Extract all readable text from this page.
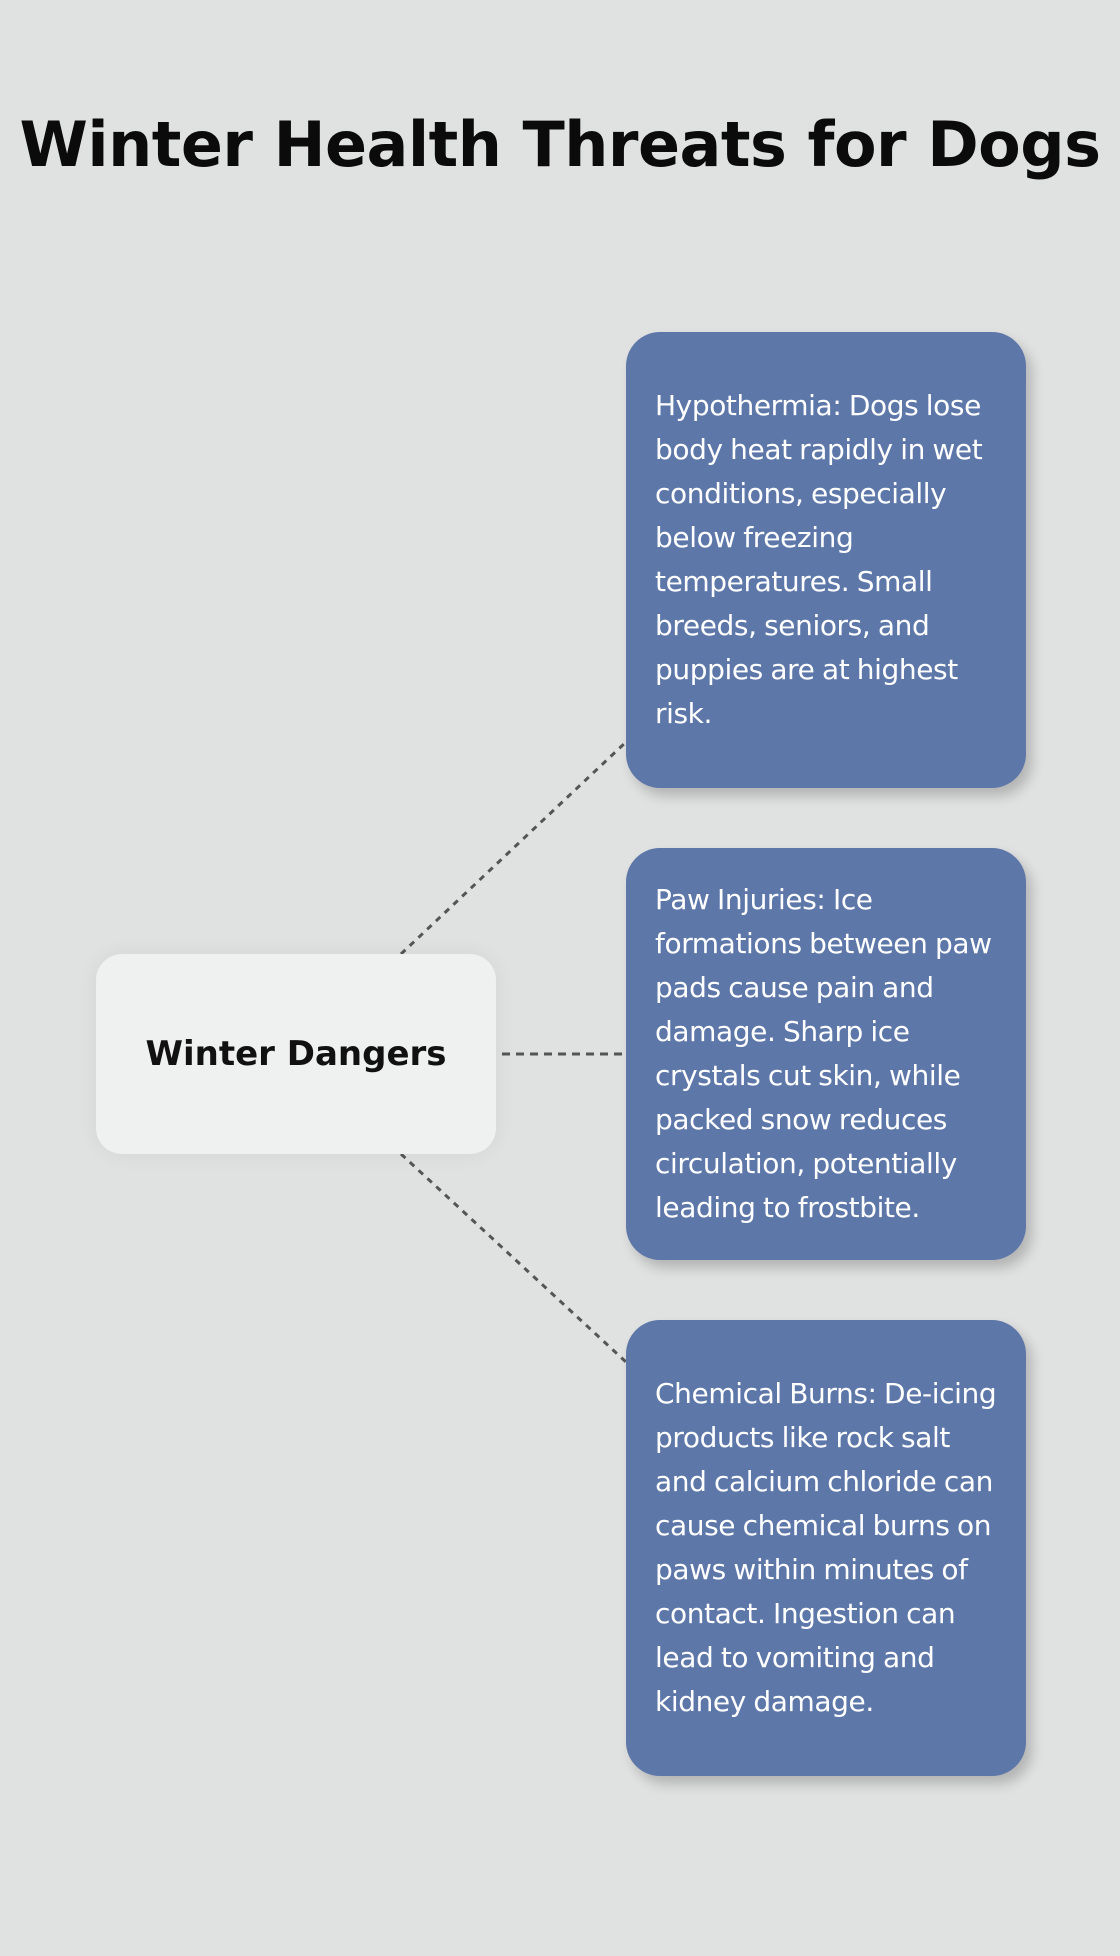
Winter Health Threats for Dogs
Winter Dangers
Hypothermia: Dogs lose body heat rapidly in wet conditions, especially below freezing temperatures. Small breeds, seniors, and puppies are at highest risk.
Paw Injuries: Ice formations between paw pads cause pain and damage. Sharp ice crystals cut skin, while packed snow reduces circulation, potentially leading to frostbite.
Chemical Burns: De-icing products like rock salt and calcium chloride can cause chemical burns on paws within minutes of contact. Ingestion can lead to vomiting and kidney damage.
